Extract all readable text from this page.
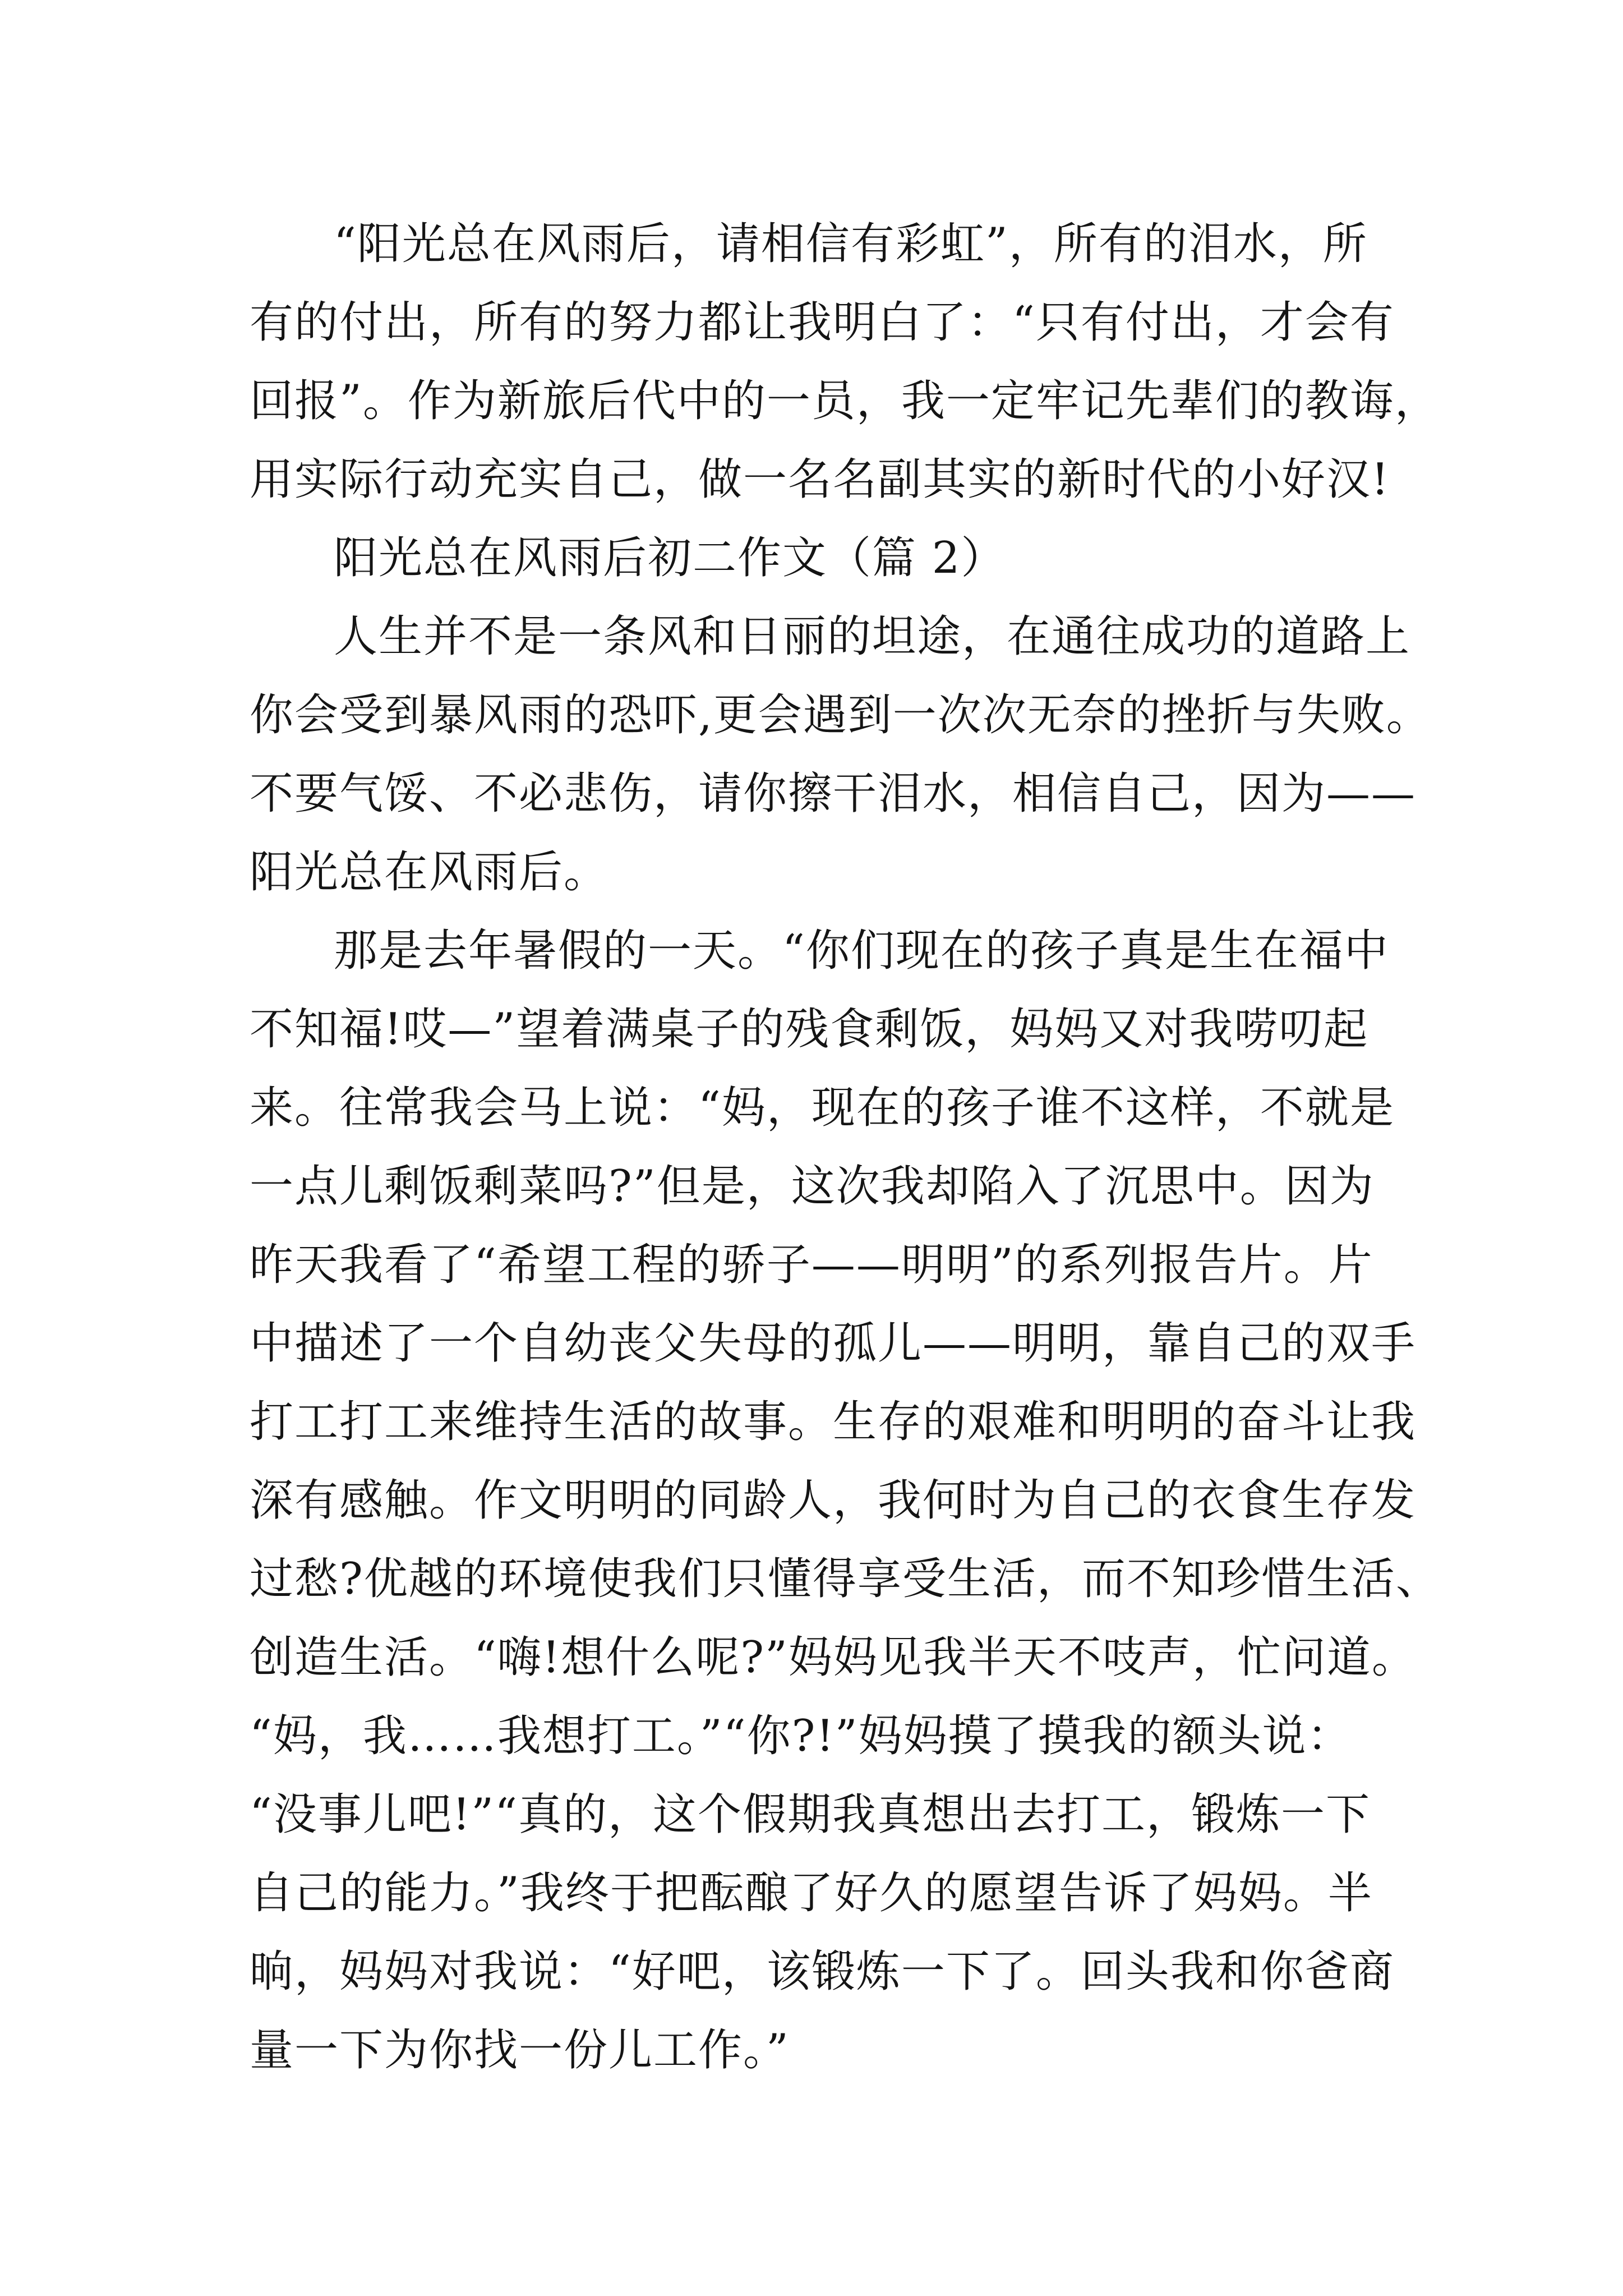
“阳光总在风雨后，请相信有彩虹”，所有的泪水，所
有的付出，所有的努力都让我明白了：“只有付出，才会有
回报”。作为新旅后代中的一员，我一定牢记先辈们的教诲，
用实际行动充实自己，做一名名副其实的新时代的小好汉!
阳光总在风雨后初二作文（篇 2）
人生并不是一条风和日丽的坦途，在通往成功的道路上
你会受到暴风雨的恐吓,更会遇到一次次无奈的挫折与失败。
不要气馁、不必悲伤，请你擦干泪水，相信自己，因为——
阳光总在风雨后。
那是去年暑假的一天。“你们现在的孩子真是生在福中
不知福!哎—”望着满桌子的残食剩饭，妈妈又对我唠叨起
来。往常我会马上说：“妈，现在的孩子谁不这样，不就是
一点儿剩饭剩菜吗?”但是，这次我却陷入了沉思中。因为
昨天我看了“希望工程的骄子——明明”的系列报告片。片
中描述了一个自幼丧父失母的孤儿——明明，靠自己的双手
打工打工来维持生活的故事。生存的艰难和明明的奋斗让我
深有感触。作文明明的同龄人，我何时为自己的衣食生存发
过愁?优越的环境使我们只懂得享受生活，而不知珍惜生活、
创造生活。“嗨!想什么呢?”妈妈见我半天不吱声，忙问道。
“妈，我……我想打工。”“你?!”妈妈摸了摸我的额头说：
“没事儿吧!”“真的，这个假期我真想出去打工，锻炼一下
自己的能力。”我终于把酝酿了好久的愿望告诉了妈妈。半
晌，妈妈对我说：“好吧，该锻炼一下了。回头我和你爸商
量一下为你找一份儿工作。”
